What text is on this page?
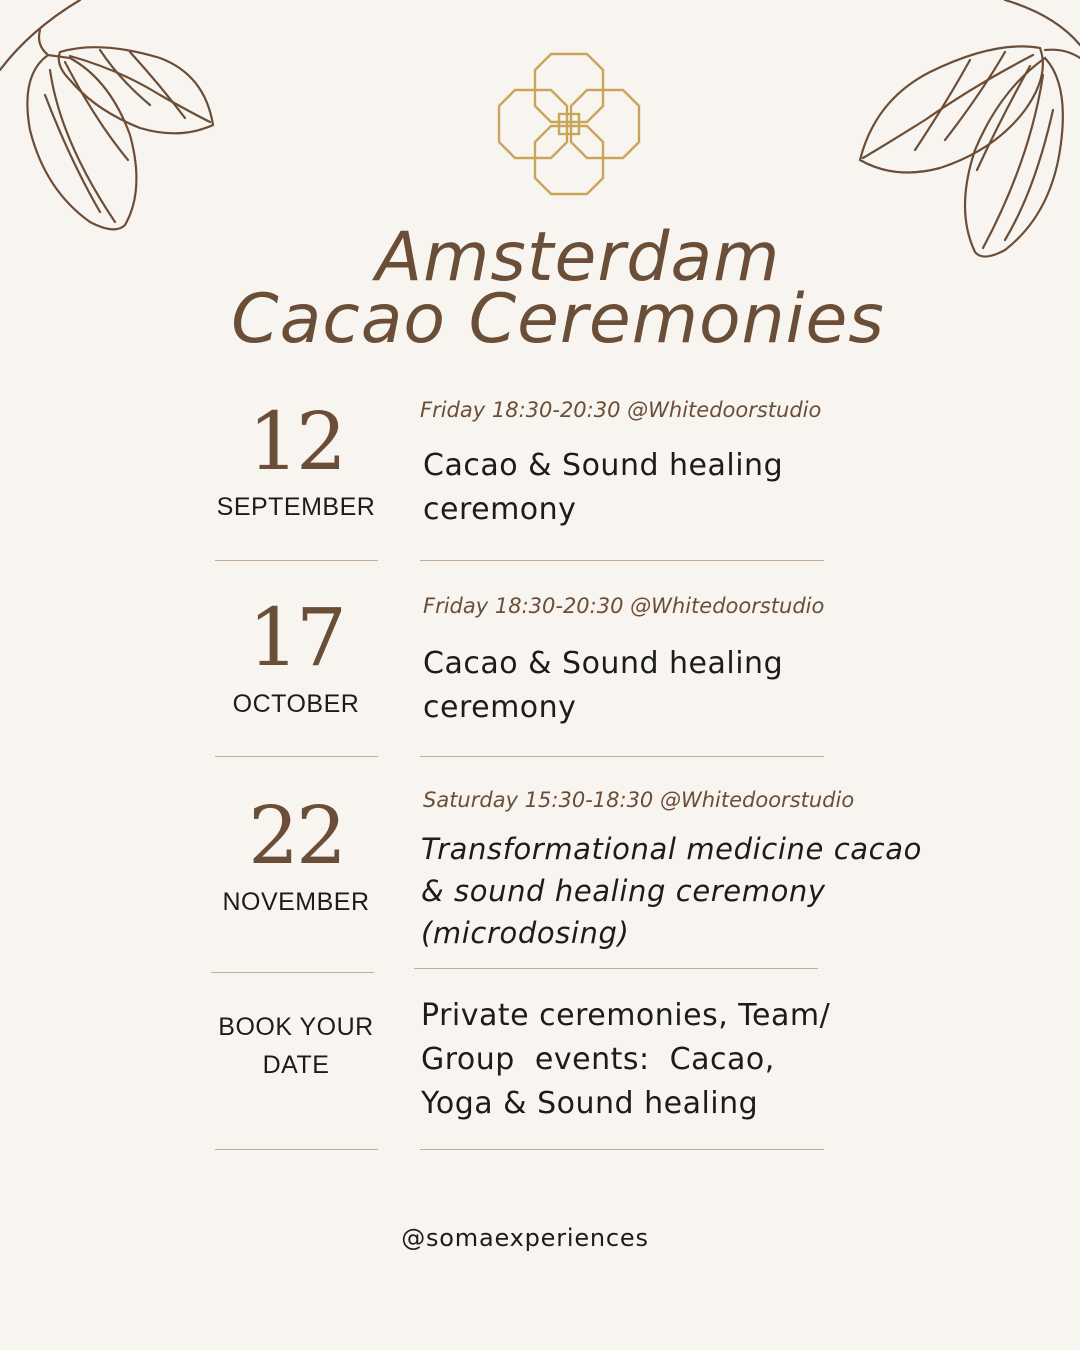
Amsterdam
Cacao Ceremonies
12
SEPTEMBER
Friday 18:30-20:30 @Whitedoorstudio
Cacao & Sound healing
ceremony
17
OCTOBER
Friday 18:30-20:30 @Whitedoorstudio
Cacao & Sound healing
ceremony
22
NOVEMBER
Saturday 15:30-18:30 @Whitedoorstudio
Transformational medicine cacao
& sound healing ceremony
(microdosing)
BOOK YOUR
DATE
Private ceremonies, Team/
Group  events:  Cacao,
Yoga & Sound healing
@somaexperiences
